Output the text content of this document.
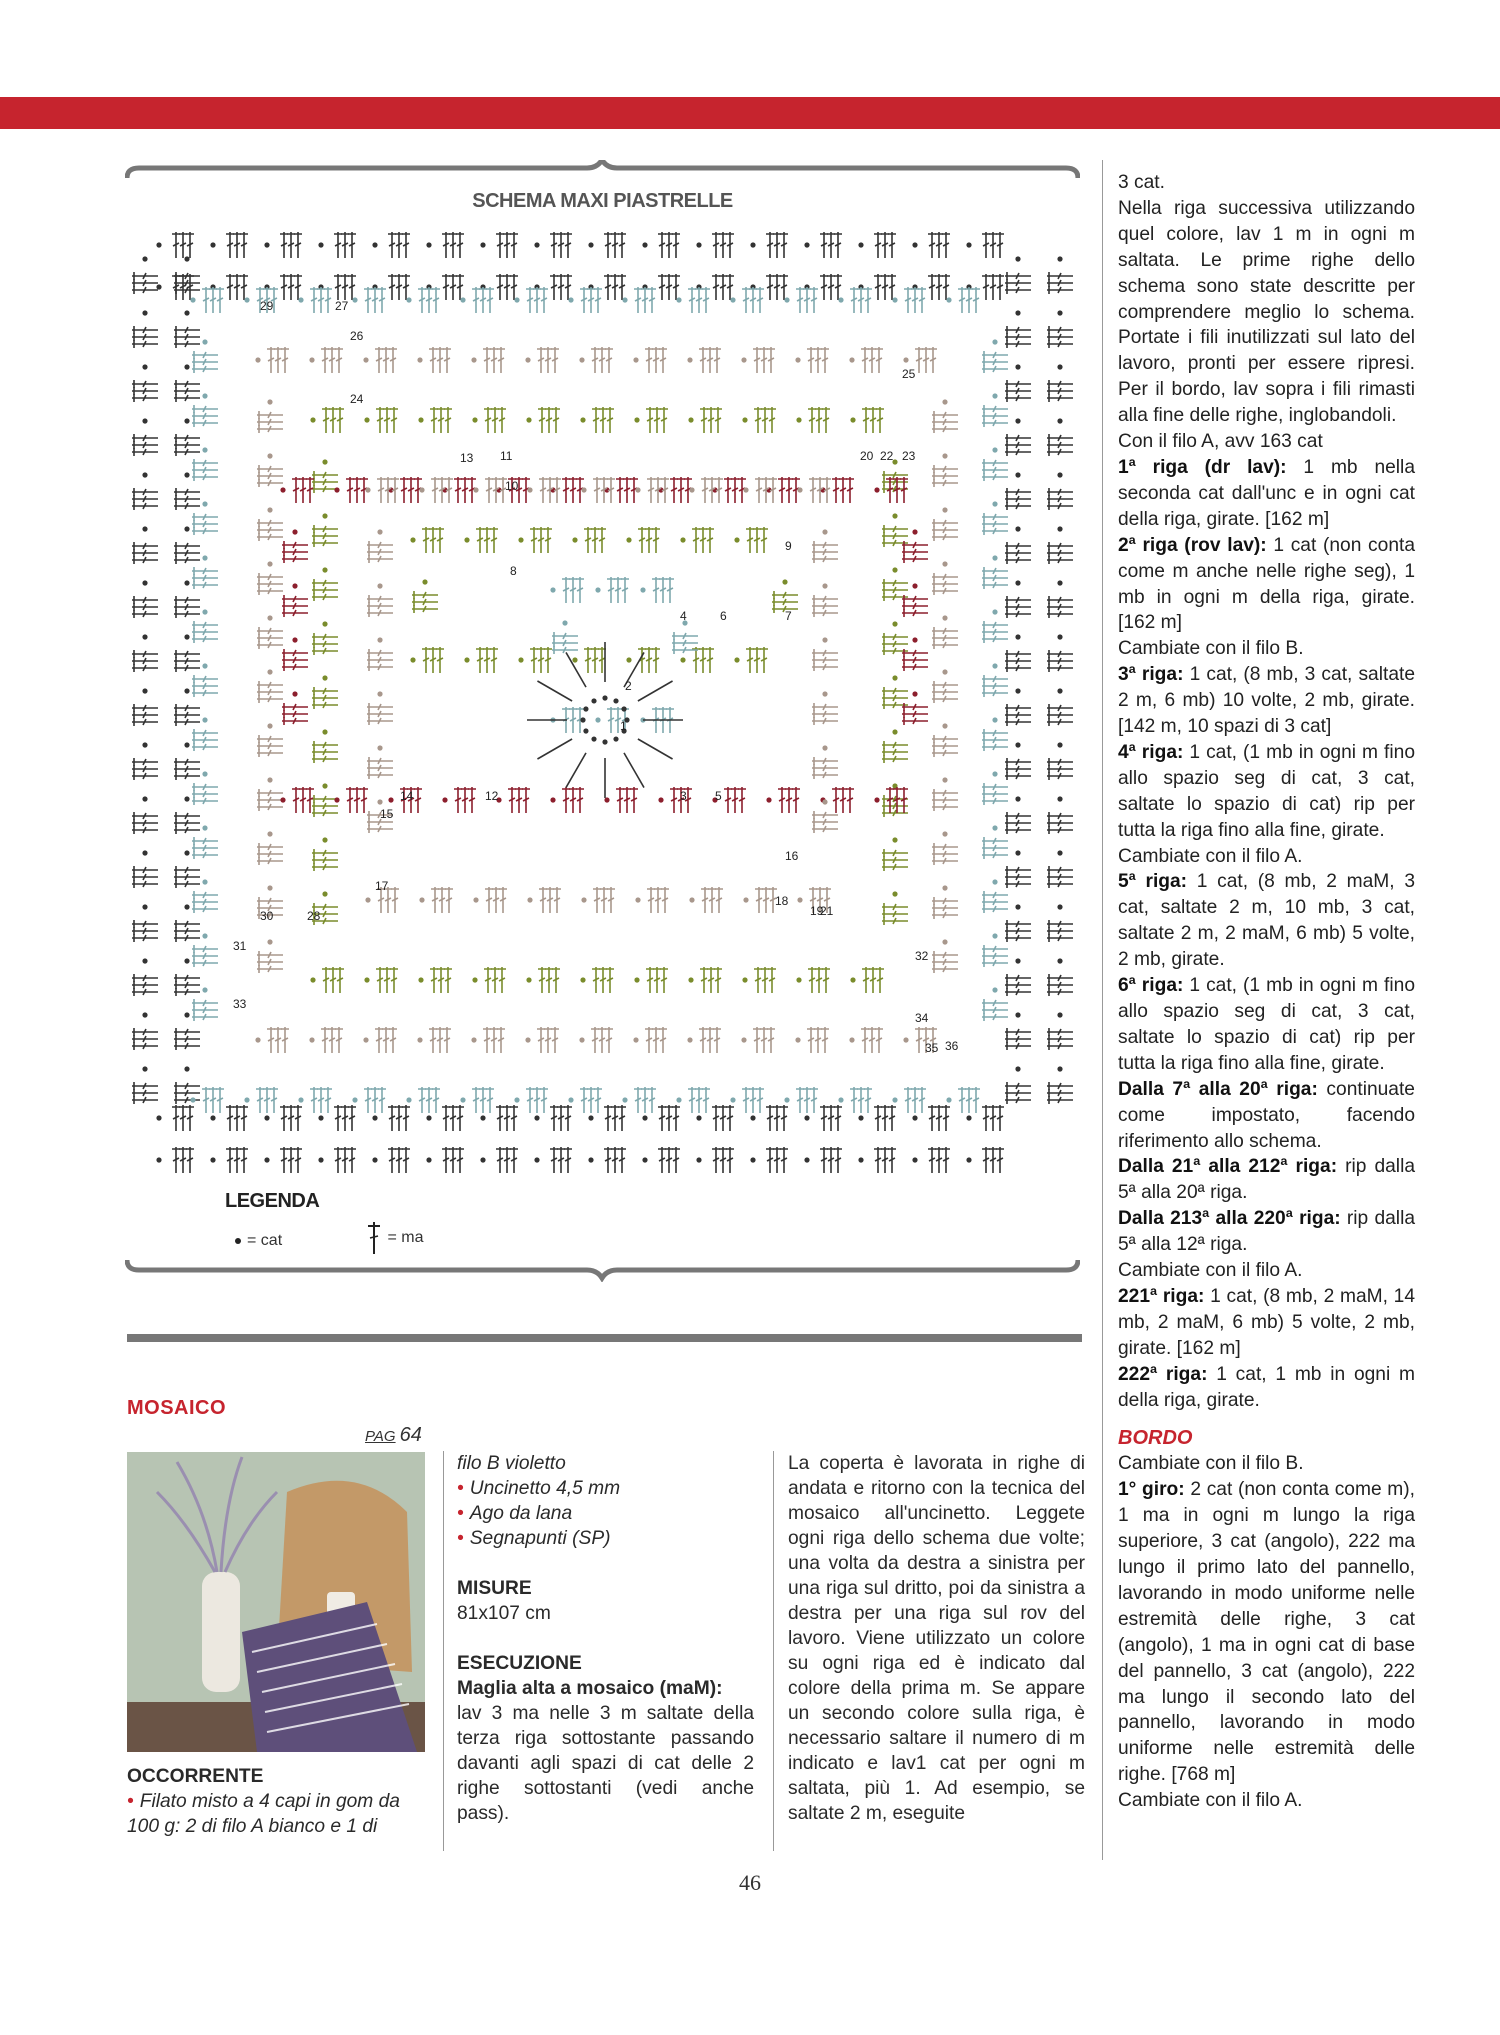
1
2
3
4
5
6	7
8
9
10
11
12
13
14
15
16
17
18
19
20
21
22 23
24
25
26
27
28
29
30
31
32
33
34
35 36
SCHEMA MAXI PIASTRELLE
LEGENDA
= cat	= ma

3 cat.

Nella riga successiva utilizzando quel colore, lav 1 m in ogni m saltata. Le prime righe dello schema sono state descritte per comprendere meglio lo schema. Portate i fili inutilizzati sul lato del lavoro, pronti per essere ripresi. Per il bordo, lav sopra i fili rimasti alla fine delle righe, inglobandoli.

Con il filo A, avv 163 cat

1ª riga (dr lav): 1 mb nella seconda cat dall'unc e in ogni cat della riga, girate. [162 m]

2ª riga (rov lav): 1 cat (non conta come m anche nelle righe seg), 1 mb in ogni m della riga, girate. [162 m]

Cambiate con il filo B.

3ª riga: 1 cat, (8 mb, 3 cat, saltate 2 m, 6 mb) 10 volte, 2 mb, girate. [142 m, 10 spazi di 3 cat]

4ª riga: 1 cat, (1 mb in ogni m fino allo spazio seg di cat, 3 cat, saltate lo spazio di cat) rip per tutta la riga fino alla fine, girate.

Cambiate con il filo A.

5ª riga: 1 cat, (8 mb, 2 maM, 3 cat, saltate 2 m, 10 mb, 3 cat, saltate 2 m, 2 maM, 6 mb) 5 volte, 2 mb, girate.

6ª riga: 1 cat, (1 mb in ogni m fino allo spazio seg di cat, 3 cat, saltate lo spazio di cat) rip per tutta la riga fino alla fine, girate.

Dalla 7ª alla 20ª riga: continuate come impostato, facendo riferimento allo schema.

Dalla 21ª alla 212ª riga: rip dalla 5ª alla 20ª riga.

Dalla 213ª alla 220ª riga: rip dalla 5ª alla 12ª riga.

Cambiate con il filo A.

221ª riga: 1 cat, (8 mb, 2 maM, 14 mb, 2 maM, 6 mb) 5 volte, 2 mb, girate. [162 m]

222ª riga: 1 cat, 1 mb in ogni m della riga, girate.

BORDO

Cambiate con il filo B.

1° giro: 2 cat (non conta come m), 1 ma in ogni m lungo la riga superiore, 3 cat (angolo), 222 ma lungo il primo lato del pannello, lavorando in modo uniforme nelle estremità delle righe, 3 cat (angolo), 1 ma in ogni cat di base del pannello, 3 cat (angolo), 222 ma lungo il secondo lato del pannello, lavorando in modo uniforme nelle estremità delle righe. [768 m]

Cambiate con il filo A.

MOSAICO
PAG 64

OCCORRENTE

• Filato misto a 4 capi in gom da 100 g: 2 di filo A bianco e 1 di

filo B violetto

• Uncinetto 4,5 mm

• Ago da lana

• Segnapunti (SP)

MISURE

81x107 cm

ESECUZIONE

Maglia alta a mosaico (maM):

lav 3 ma nelle 3 m saltate della terza riga sottostante passando davanti agli spazi di cat delle 2 righe sottostanti (vedi anche pass).

La coperta è lavorata in righe di andata e ritorno con la tecnica del mosaico all'uncinetto. Leggete ogni riga dello schema due volte; una volta da destra a sinistra per una riga sul dritto, poi da sinistra a destra per una riga sul rov del lavoro. Viene utilizzato un colore su ogni riga ed è indicato dal colore della prima m. Se appare un secondo colore sulla riga, è necessario saltare il numero di m indicato e lav1 cat per ogni m saltata, più 1. Ad esempio, se saltate 2 m, eseguite

46
